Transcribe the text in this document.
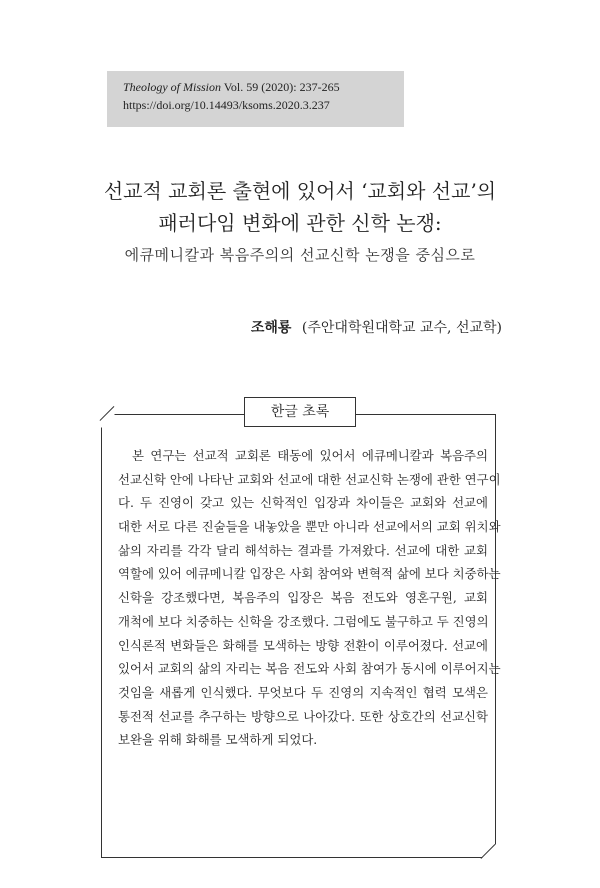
Theology of Mission Vol. 59 (2020): 237-265
https://doi.org/10.14493/ksoms.2020.3.237
선교적 교회론 출현에 있어서 ‘교회와 선교’의
패러다임 변화에 관한 신학 논쟁:
에큐메니칼과 복음주의의 선교신학 논쟁을 중심으로
조해룡 (주안대학원대학교 교수, 선교학)
한글 초록
본 연구는 선교적 교회론 태동에 있어서 에큐메니칼과 복음주의
선교신학 안에 나타난 교회와 선교에 대한 선교신학 논쟁에 관한 연구이
다. 두 진영이 갖고 있는 신학적인 입장과 차이들은 교회와 선교에
대한 서로 다른 진술들을 내놓았을 뿐만 아니라 선교에서의 교회 위치와
삶의 자리를 각각 달리 해석하는 결과를 가져왔다. 선교에 대한 교회
역할에 있어 에큐메니칼 입장은 사회 참여와 변혁적 삶에 보다 치중하는
신학을 강조했다면, 복음주의 입장은 복음 전도와 영혼구원, 교회
개척에 보다 치중하는 신학을 강조했다. 그럼에도 불구하고 두 진영의
인식론적 변화들은 화해를 모색하는 방향 전환이 이루어졌다. 선교에
있어서 교회의 삶의 자리는 복음 전도와 사회 참여가 동시에 이루어지는
것임을 새롭게 인식했다. 무엇보다 두 진영의 지속적인 협력 모색은
통전적 선교를 추구하는 방향으로 나아갔다. 또한 상호간의 선교신학
보완을 위해 화해를 모색하게 되었다.
